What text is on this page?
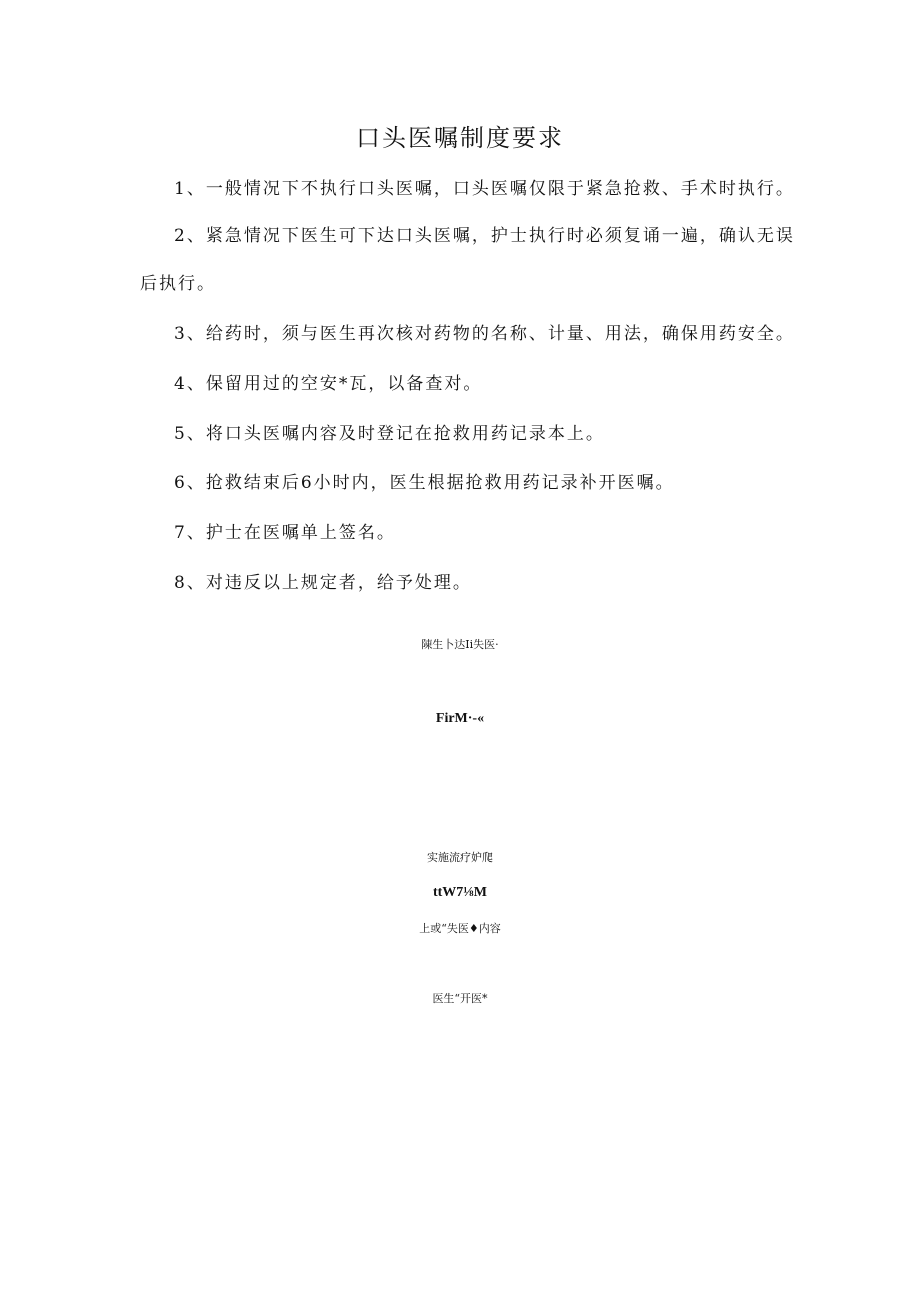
口头医嘱制度要求

1、一般情况下不执行口头医嘱，口头医嘱仅限于紧急抢救、手术时执行。

2、紧急情况下医生可下达口头医嘱，护士执行时必须复诵一遍，确认无误
后执行。

3、给药时，须与医生再次核对药物的名称、计量、用法，确保用药安全。

4、保留用过的空安*瓦，以备查对。

5、将口头医嘱内容及时登记在抢救用药记录本上。

6、抢救结束后6小时内，医生根据抢救用药记录补开医嘱。

7、护士在医嘱单上签名。

8、对违反以上规定者，给予处理。

陳生卜达Ii失医·

FirM·-«

实施流疗妒爬

ttW7⅛M

上或“失医♦内容

医生“开医*
